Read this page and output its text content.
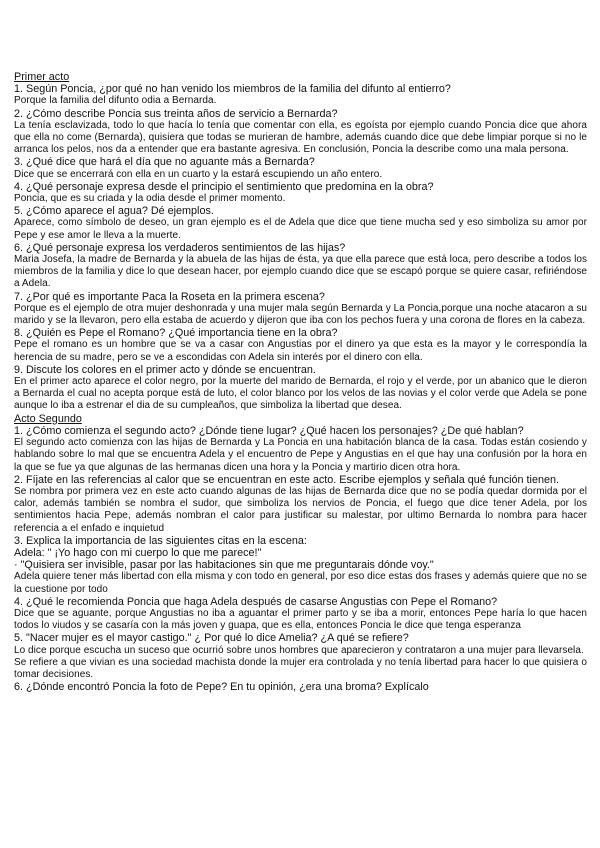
Primer acto
1. Según Poncia, ¿por qué no han venido los miembros de la familia del difunto al entierro?
Porque la familia del difunto odia a Bernarda.
2. ¿Cómo describe Poncia sus treinta años de servicio a Bernarda?
La tenía esclavizada, todo lo que hacía lo tenía que comentar con ella, es egoísta por ejemplo cuando Poncia dice que ahora que ella no come (Bernarda), quisiera que todas se murieran de hambre, además cuando dice que debe limpiar porque si no le arranca los pelos, nos da a entender que era bastante agresiva. En conclusión, Poncia la describe como una mala persona.
3. ¿Qué dice que hará el día que no aguante más a Bernarda?
Dice que se encerrará con ella en un cuarto y la estará escupiendo un año entero.
4. ¿Qué personaje expresa desde el principio el sentimiento que predomina en la obra?
Poncia, que es su criada y la odia desde el primer momento.
5. ¿Cómo aparece el agua? Dé ejemplos.
Aparece, como símbolo de deseo, un gran ejemplo es el de Adela que dice que tiene mucha sed y eso simboliza su amor por Pepe y ese amor le lleva a la muerte.
6. ¿Qué personaje expresa los verdaderos sentimientos de las hijas?
Maria Josefa, la madre de Bernarda y la abuela de las hijas de ésta, ya que ella parece que está loca, pero describe a todos los miembros de la familia y dice lo que desean hacer, por ejemplo cuando dice que se escapó porque se quiere casar, refiriéndose a Adela.
7. ¿Por qué es importante Paca la Roseta en la primera escena?
Porque es el ejemplo de otra mujer deshonrada y una mujer mala según Bernarda y La Poncia,porque una noche atacaron a su marido y se la llevaron, pero ella estaba de acuerdo y dijeron que iba con los pechos fuera y una corona de flores en la cabeza.
8. ¿Quién es Pepe el Romano? ¿Qué importancia tiene en la obra?
Pepe el romano es un hombre que se va a casar con Angustias por el dinero ya que esta es la mayor y le correspondía la herencia de su madre, pero se ve a escondidas con Adela sin interés por el dinero con ella.
9. Discute los colores en el primer acto y dónde se encuentran.
En el primer acto aparece el color negro, por la muerte del marido de Bernarda, el rojo y el verde, por un abanico que le dieron a Bernarda el cual no acepta porque está de luto, el color blanco por los velos de las novias y el color verde que Adela se pone aunque lo iba a estrenar el dia de su cumpleaños, que simboliza la libertad que desea.
Acto Segundo
1. ¿Cómo comienza el segundo acto? ¿Dónde tiene lugar? ¿Qué hacen los personajes? ¿De qué hablan?
El segundo acto comienza con las hijas de Bernarda y La Poncia en una habitación blanca de la casa. Todas están cosiendo y hablando sobre lo mal que se encuentra Adela y el encuentro de Pepe y Angustias en el que hay una confusión por la hora en la que se fue ya que algunas de las hermanas dicen una hora y la Poncia y martirio dicen otra hora.
2. Fíjate en las referencias al calor que se encuentran en este acto. Escribe ejemplos y señala qué función tienen.
Se nombra por primera vez en este acto cuando algunas de las hijas de Bernarda dice que no se podía quedar dormida por el calor, además también se nombra el sudor, que simboliza los nervios de Poncia, el fuego que dice tener Adela, por los sentimientos hacia Pepe, además nombran el calor para justificar su malestar, por ultimo Bernarda lo nombra para hacer referencia a el enfado e inquietud
3. Explica la importancia de las siguientes citas en la escena:
Adela: " ¡Yo hago con mi cuerpo lo que me parece!"
· "Quisiera ser invisible, pasar por las habitaciones sin que me preguntarais dónde voy."
Adela quiere tener más libertad con ella misma y con todo en general, por eso dice estas dos frases y además quiere que no se la cuestione por todo
4. ¿Qué le recomienda Poncia que haga Adela después de casarse Angustias con Pepe el Romano?
Dice que se aguante, porque Angustias no iba a aguantar el primer parto y se iba a morir, entonces Pepe haría lo que hacen todos lo viudos y se casaría con la más joven y guapa, que es ella, entonces Poncia le dice que tenga esperanza
5. "Nacer mujer es el mayor castigo." ¿ Por qué lo dice Amelia? ¿A qué se refiere?
Lo dice porque escucha un suceso que ocurrió sobre unos hombres que aparecieron y contrataron a una mujer para llevarsela.
Se refiere a que vivian es una sociedad machista donde la mujer era controlada y no tenía libertad para hacer lo que quisiera o tomar decisiones.
6. ¿Dónde encontró Poncia la foto de Pepe? En tu opinión, ¿era una broma? Explícalo
